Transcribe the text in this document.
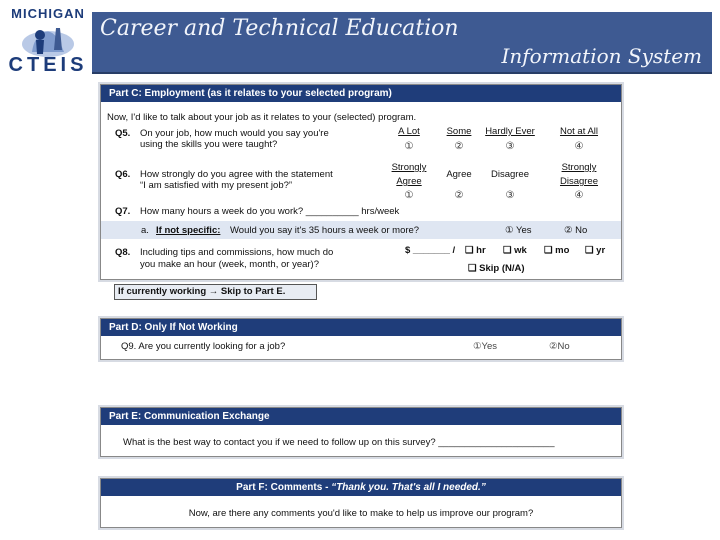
MICHIGAN
CTEIS
Career and Technical Education
Information System
Part C: Employment (as it relates to your selected program)
Now, I'd like to talk about your job as it relates to your (selected) program.
Q5. On your job, how much would you say you're
using the skills you were taught?
A Lot	Some	Hardly Ever	Not at All
①	②	③	④
Q6. How strongly do you agree with the statement
“I am satisfied with my present job?”
Strongly
Agree
Agree	Disagree
Strongly
Disagree
①	②	③	④
Q7. How many hours a week do you work? __________ hrs/week
a. If not specific: Would you say it's 35 hours a week or more?	① Yes	② No
Q8. Including tips and commissions, how much do
you make an hour (week, month, or year)?
$ _______ / ❏ hr ❏ wk ❏ mo ❏ yr
❏ Skip (N/A)
If currently working → Skip to Part E.
Part D: Only If Not Working
Q9. Are you currently looking for a job?	①Yes	②No
Part E: Communication Exchange
What is the best way to contact you if we need to follow up on this survey? ______________________
Part F: Comments - “Thank you. That's all I needed.”
Now, are there any comments you'd like to make to help us improve our program?
